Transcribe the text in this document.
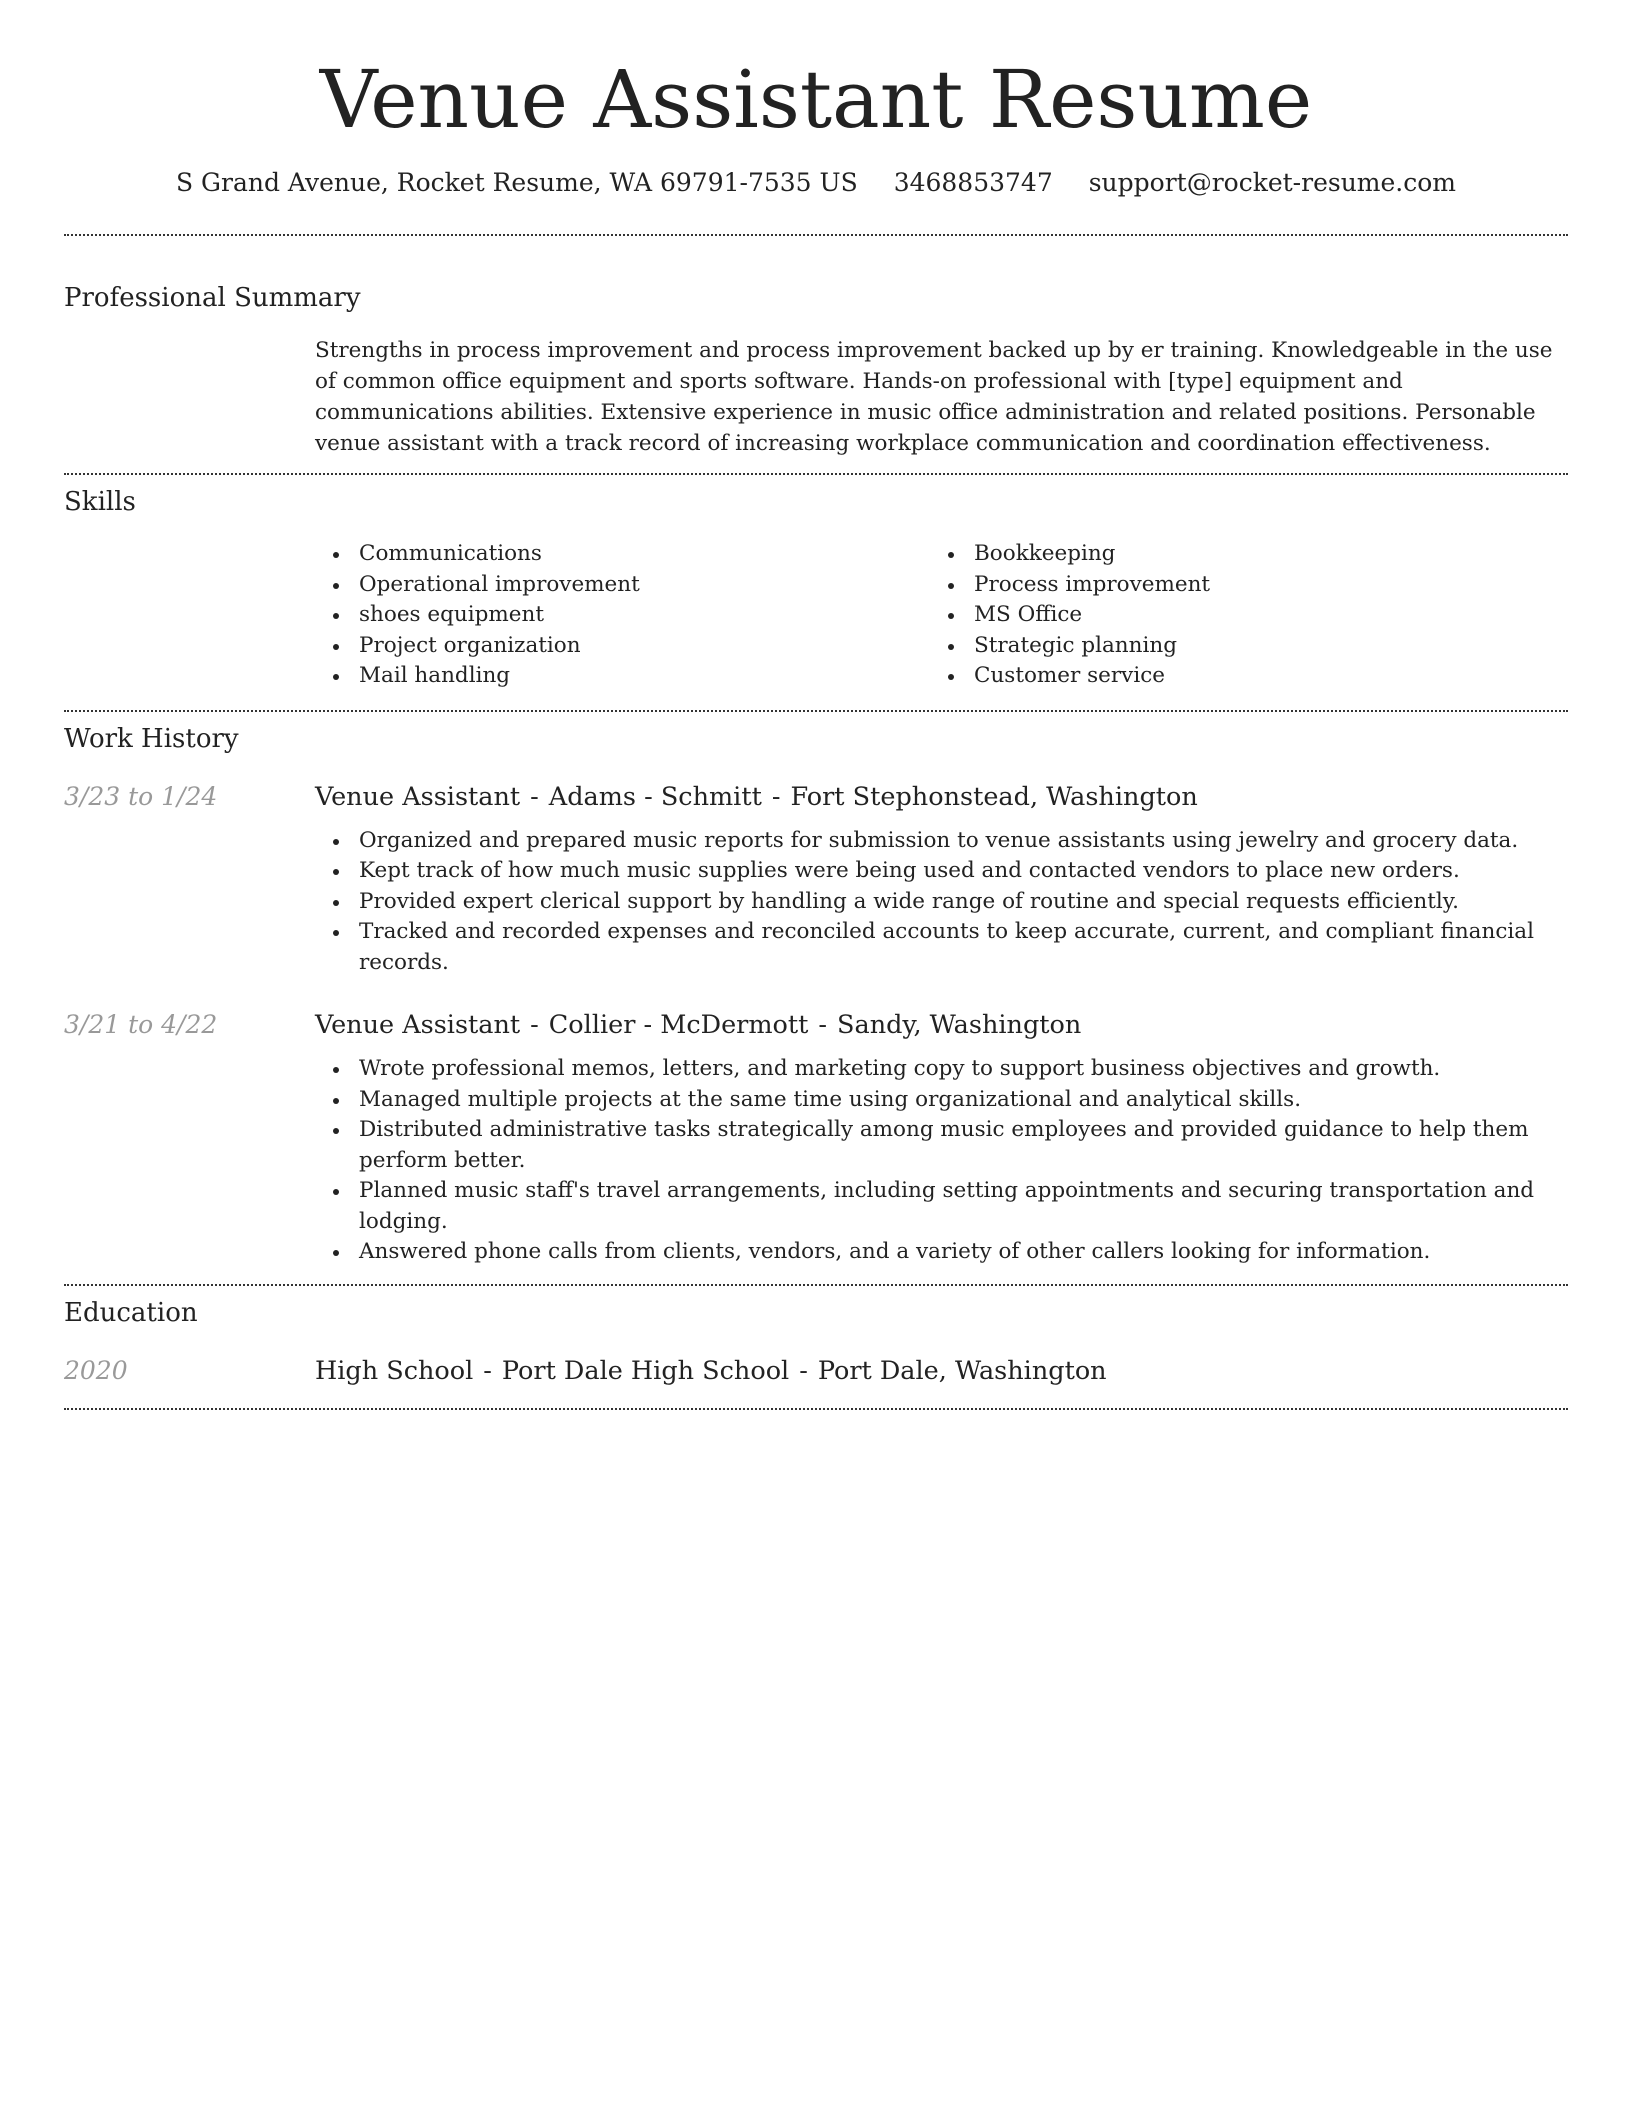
Venue Assistant Resume
S Grand Avenue, Rocket Resume, WA 69791-7535 US 3468853747 support@rocket-resume.com
Professional Summary

Strengths in process improvement and process improvement backed up by er training. Knowledgeable in the use of common office equipment and sports software. Hands-on professional with [type] equipment and communications abilities. Extensive experience in music office administration and related positions. Personable venue assistant with a track record of increasing workplace communication and coordination effectiveness.

Skills
Communications
Operational improvement
shoes equipment
Project organization
Mail handling
Bookkeeping
Process improvement
MS Office
Strategic planning
Customer service
Work History
3/23 to 1/24	Venue Assistant - Adams - Schmitt - Fort Stephonstead, Washington
Organized and prepared music reports for submission to venue assistants using jewelry and grocery data.
Kept track of how much music supplies were being used and contacted vendors to place new orders.
Provided expert clerical support by handling a wide range of routine and special requests efficiently.
Tracked and recorded expenses and reconciled accounts to keep accurate, current, and compliant financial records.
3/21 to 4/22	Venue Assistant - Collier - McDermott - Sandy, Washington
Wrote professional memos, letters, and marketing copy to support business objectives and growth.
Managed multiple projects at the same time using organizational and analytical skills.
Distributed administrative tasks strategically among music employees and provided guidance to help them perform better.
Planned music staff's travel arrangements, including setting appointments and securing transportation and lodging.
Answered phone calls from clients, vendors, and a variety of other callers looking for information.
Education
2020	High School - Port Dale High School - Port Dale, Washington
